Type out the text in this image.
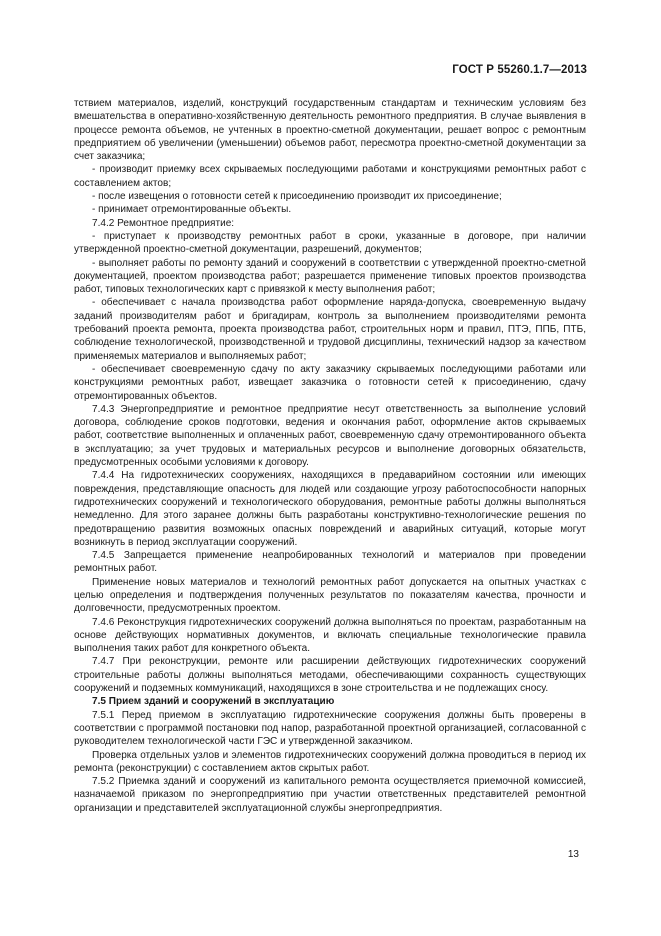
ГОСТ Р 55260.1.7—2013

тствием материалов, изделий, конструкций государственным стандартам и техническим условиям без вмешательства в оперативно-хозяйственную деятельность ремонтного предприятия. В случае выявления в процессе ремонта объемов, не учтенных в проектно-сметной документации, решает вопрос с ремонтным предприятием об увеличении (уменьшении) объемов работ, пересмотра проектно-сметной документации за счет заказчика;

- производит приемку всех скрываемых последующими работами и конструкциями ремонтных работ с составлением актов;

- после извещения о готовности сетей к присоединению производит их присоединение;

- принимает отремонтированные объекты.

7.4.2 Ремонтное предприятие:

- приступает к производству ремонтных работ в сроки, указанные в договоре, при наличии утвержденной проектно-сметной документации, разрешений, документов;

- выполняет работы по ремонту зданий и сооружений в соответствии с утвержденной проектно-сметной документацией, проектом производства работ; разрешается применение типовых проектов производства работ, типовых технологических карт с привязкой к месту выполнения работ;

- обеспечивает с начала производства работ оформление наряда-допуска, своевременную выдачу заданий производителям работ и бригадирам, контроль за выполнением производителями ремонта требований проекта ремонта, проекта производства работ, строительных норм и правил, ПТЭ, ППБ, ПТБ, соблюдение технологической, производственной и трудовой дисциплины, технический надзор за качеством применяемых материалов и выполняемых работ;

- обеспечивает своевременную сдачу по акту заказчику скрываемых последующими работами или конструкциями ремонтных работ, извещает заказчика о готовности сетей к присоединению, сдачу отремонтированных объектов.

7.4.3 Энергопредприятие и ремонтное предприятие несут ответственность за выполнение условий договора, соблюдение сроков подготовки, ведения и окончания работ, оформление актов скрываемых работ, соответствие выполненных и оплаченных работ, своевременную сдачу отремонтированного объекта в эксплуатацию; за учет трудовых и материальных ресурсов и выполнение договорных обязательств, предусмотренных особыми условиями к договору.

7.4.4 На гидротехнических сооружениях, находящихся в предаварийном состоянии или имеющих повреждения, представляющие опасность для людей или создающие угрозу работоспособности напорных гидротехнических сооружений и технологического оборудования, ремонтные работы должны выполняться немедленно. Для этого заранее должны быть разработаны конструктивно-технологические решения по предотвращению развития возможных опасных повреждений и аварийных ситуаций, которые могут возникнуть в период эксплуатации сооружений.

7.4.5 Запрещается применение неапробированных технологий и материалов при проведении ремонтных работ.

Применение новых материалов и технологий ремонтных работ допускается на опытных участках с целью определения и подтверждения полученных результатов по показателям качества, прочности и долговечности, предусмотренных проектом.

7.4.6 Реконструкция гидротехнических сооружений должна выполняться по проектам, разработанным на основе действующих нормативных документов, и включать специальные технологические правила выполнения таких работ для конкретного объекта.

7.4.7 При реконструкции, ремонте или расширении действующих гидротехнических сооружений строительные работы должны выполняться методами, обеспечивающими сохранность существующих сооружений и подземных коммуникаций, находящихся в зоне строительства и не подлежащих сносу.

7.5 Прием зданий и сооружений в эксплуатацию

7.5.1 Перед приемом в эксплуатацию гидротехнические сооружения должны быть проверены в соответствии с программой постановки под напор, разработанной проектной организацией, согласованной с руководителем технологической части ГЭС и утвержденной заказчиком.

Проверка отдельных узлов и элементов гидротехнических сооружений должна проводиться в период их ремонта (реконструкции) с составлением актов скрытых работ.

7.5.2 Приемка зданий и сооружений из капитального ремонта осуществляется приемочной комиссией, назначаемой приказом по энергопредприятию при участии ответственных представителей ремонтной организации и представителей эксплуатационной службы энергопредприятия.

13
